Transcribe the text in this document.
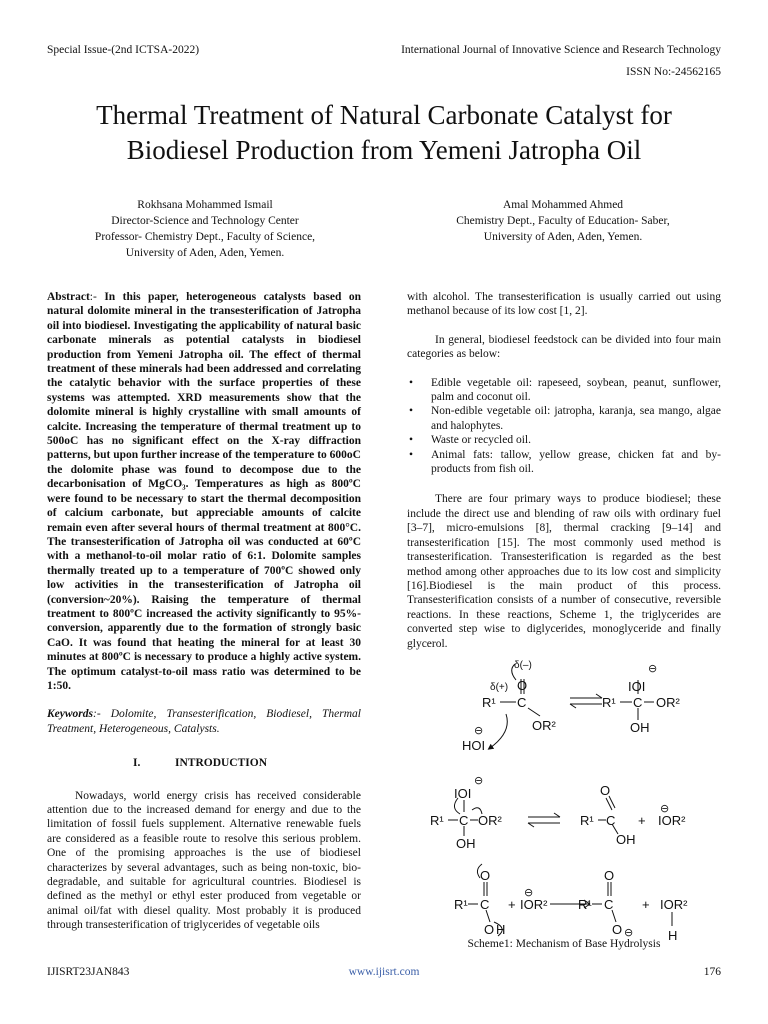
Special Issue-(2nd ICTSA-2022)	International Journal of Innovative Science and Research Technology
ISSN No:-24562165
Thermal Treatment of Natural Carbonate Catalyst for
Biodiesel Production from Yemeni Jatropha Oil
Rokhsana Mohammed Ismail
Director-Science and Technology Center
Professor- Chemistry Dept., Faculty of Science,
University of Aden, Aden, Yemen.
Amal Mohammed Ahmed
Chemistry Dept., Faculty of Education- Saber,
University of Aden, Aden, Yemen.

Abstract:- In this paper, heterogeneous catalysts based on natural dolomite mineral in the transesterification of Jatropha oil into biodiesel. Investigating the applicability of natural basic carbonate minerals as potential catalysts in biodiesel production from Yemeni Jatropha oil. The effect of thermal treatment of these minerals had been addressed and correlating the catalytic behavior with the surface properties of these systems was attempted. XRD measurements show that the dolomite mineral is highly crystalline with small amounts of calcite. Increasing the temperature of thermal treatment up to 500oC has no significant effect on the X-ray diffraction patterns, but upon further increase of the temperature to 600oC the dolomite phase was found to decompose due to the decarbonisation of MgCO₃. Temperatures as high as 800ºC were found to be necessary to start the thermal decomposition of calcium carbonate, but appreciable amounts of calcite remain even after several hours of thermal treatment at 800°C. The transesterification of Jatropha oil was conducted at 60ºC with a methanol-to-oil molar ratio of 6:1. Dolomite samples thermally treated up to a temperature of 700ºC showed only low activities in the transesterification of Jatropha oil (conversion~20%). Raising the temperature of thermal treatment to 800ºC increased the activity significantly to 95%-conversion, apparently due to the formation of strongly basic CaO. It was found that heating the mineral for at least 30 minutes at 800ºC is necessary to produce a highly active system. The optimum catalyst-to-oil mass ratio was determined to be 1:50.

Keywords:- Dolomite, Transesterification, Biodiesel, Thermal Treatment, Heterogeneous, Catalysts.

I.	INTRODUCTION

Nowadays, world energy crisis has received considerable attention due to the increased demand for energy and due to the limitation of fossil fuels supplement. Alternative renewable fuels are considered as a feasible route to resolve this serious problem. One of the promising approaches is the use of biodiesel characterizes by several advantages, such as being non-toxic, bio-degradable, and suitable for agricultural countries. Biodiesel is defined as the methyl or ethyl ester produced from vegetable or animal oil/fat with diesel quality. Most probably it is produced through transesterification of triglycerides of vegetable oils

with alcohol. The transesterification is usually carried out using methanol because of its low cost [1, 2].

In general, biodiesel feedstock can be divided into four main categories as below:

• Edible vegetable oil: rapeseed, soybean, peanut, sunflower, palm and coconut oil.
• Non-edible vegetable oil: jatropha, karanja, sea mango, algae and halophytes.
• Waste or recycled oil.
• Animal fats: tallow, yellow grease, chicken fat and by-products from fish oil.

There are four primary ways to produce biodiesel; these include the direct use and blending of raw oils with ordinary fuel [3–7], micro-emulsions [8], thermal cracking [9–14] and transesterification [15]. The most commonly used method is transesterification. Transesterification is regarded as the best method among other approaches due to its low cost and simplicity [16].Biodiesel is the main product of this process. Transesterification consists of a number of consecutive, reversible reactions. In these reactions, Scheme 1, the triglycerides are converted step wise to diglycerides, monoglyceride and finally glycerol.

δ(–)
δ(+) O
R¹ C
OR²
HOI
⊖
IOI
⊖
R¹ C OR²
OH
IOI
⊖
R¹ C OR²
OH
O
R¹ C
OH
+
⊖
IOR²
O
R¹ C
O H
+
⊖
IOR²
O
R¹ C
O ⊖
+ IOR²
H
Scheme1: Mechanism of Base Hydrolysis
IJISRT23JAN843	www.ijisrt.com	176
